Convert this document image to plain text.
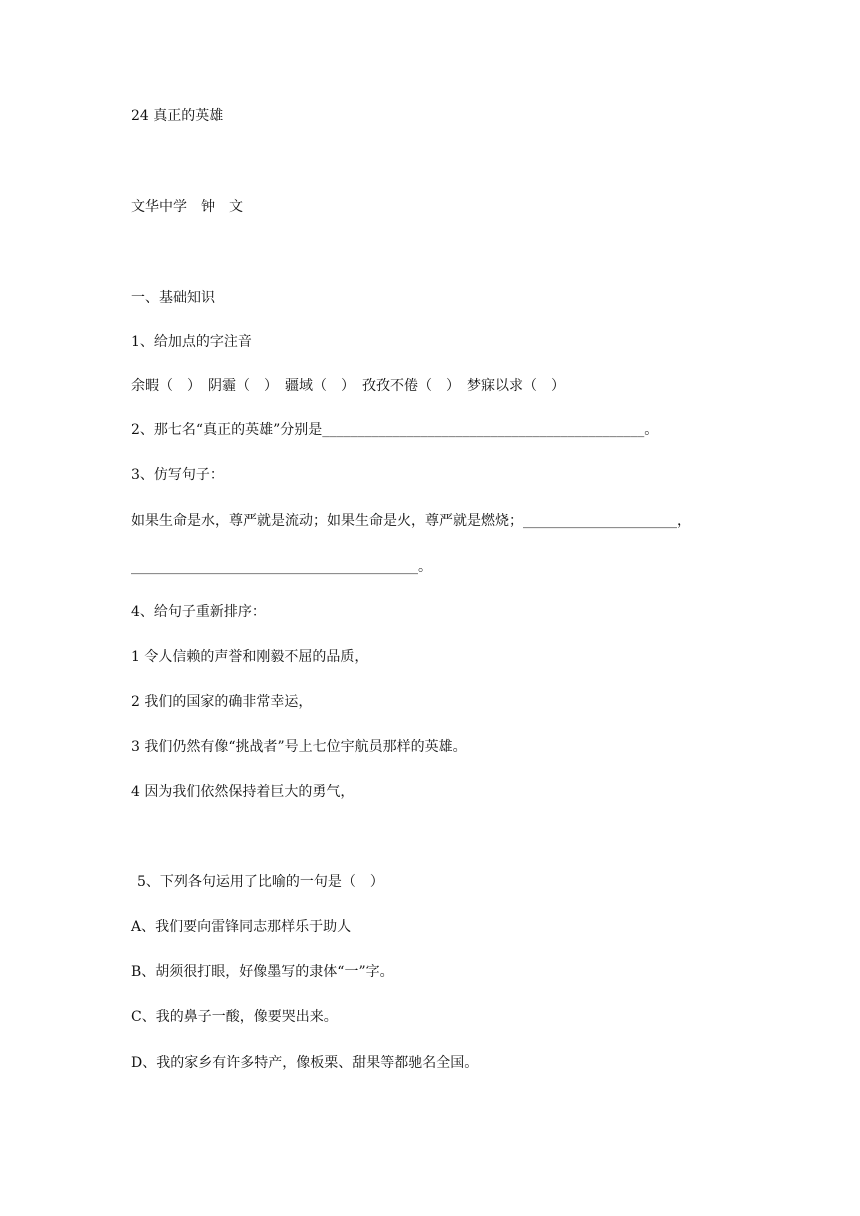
24 真正的英雄
文华中学　钟　文
一、基础知识
1、给加点的字注音
余暇（　）　阴霾（　）　疆域（　）　孜孜不倦（　）　梦寐以求（　）
2、那七名“真正的英雄”分别是______________________________________________。
3、仿写句子：
如果生命是水，尊严就是流动；如果生命是火，尊严就是燃烧；______________________，
_________________________________________。
4、给句子重新排序：
1 令人信赖的声誉和刚毅不屈的品质，
2 我们的国家的确非常幸运，
3 我们仍然有像“挑战者”号上七位宇航员那样的英雄。
4 因为我们依然保持着巨大的勇气，
5、下列各句运用了比喻的一句是（　）
A、我们要向雷锋同志那样乐于助人
B、胡须很打眼，好像墨写的隶体“一”字。
C、我的鼻子一酸，像要哭出来。
D、我的家乡有许多特产，像板栗、甜果等都驰名全国。
